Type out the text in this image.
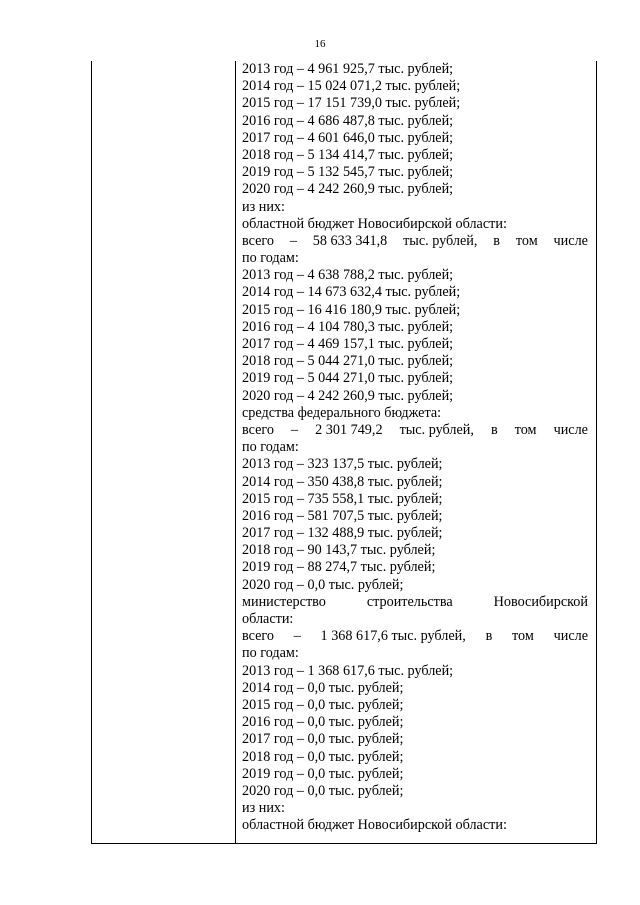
16
2013 год – 4 961 925,7 тыс. рублей;
2014 год – 15 024 071,2 тыс. рублей;
2015 год – 17 151 739,0 тыс. рублей;
2016 год – 4 686 487,8 тыс. рублей;
2017 год – 4 601 646,0 тыс. рублей;
2018 год – 5 134 414,7 тыс. рублей;
2019 год – 5 132 545,7 тыс. рублей;
2020 год – 4 242 260,9 тыс. рублей;
из них:
областной бюджет Новосибирской области:
всего – 58 633 341,8 тыс. рублей, в том числе
по годам:
2013 год – 4 638 788,2 тыс. рублей;
2014 год – 14 673 632,4 тыс. рублей;
2015 год – 16 416 180,9 тыс. рублей;
2016 год – 4 104 780,3 тыс. рублей;
2017 год – 4 469 157,1 тыс. рублей;
2018 год – 5 044 271,0 тыс. рублей;
2019 год – 5 044 271,0 тыс. рублей;
2020 год – 4 242 260,9 тыс. рублей;
средства федерального бюджета:
всего – 2 301 749,2 тыс. рублей, в том числе
по годам:
2013 год – 323 137,5 тыс. рублей;
2014 год – 350 438,8 тыс. рублей;
2015 год – 735 558,1 тыс. рублей;
2016 год – 581 707,5 тыс. рублей;
2017 год – 132 488,9 тыс. рублей;
2018 год – 90 143,7 тыс. рублей;
2019 год – 88 274,7 тыс. рублей;
2020 год – 0,0 тыс. рублей;
министерство	строительства	Новосибирской
области:
всего – 1 368 617,6 тыс. рублей, в том числе
по годам:
2013 год – 1 368 617,6 тыс. рублей;
2014 год – 0,0 тыс. рублей;
2015 год – 0,0 тыс. рублей;
2016 год – 0,0 тыс. рублей;
2017 год – 0,0 тыс. рублей;
2018 год – 0,0 тыс. рублей;
2019 год – 0,0 тыс. рублей;
2020 год – 0,0 тыс. рублей;
из них:
областной бюджет Новосибирской области:
